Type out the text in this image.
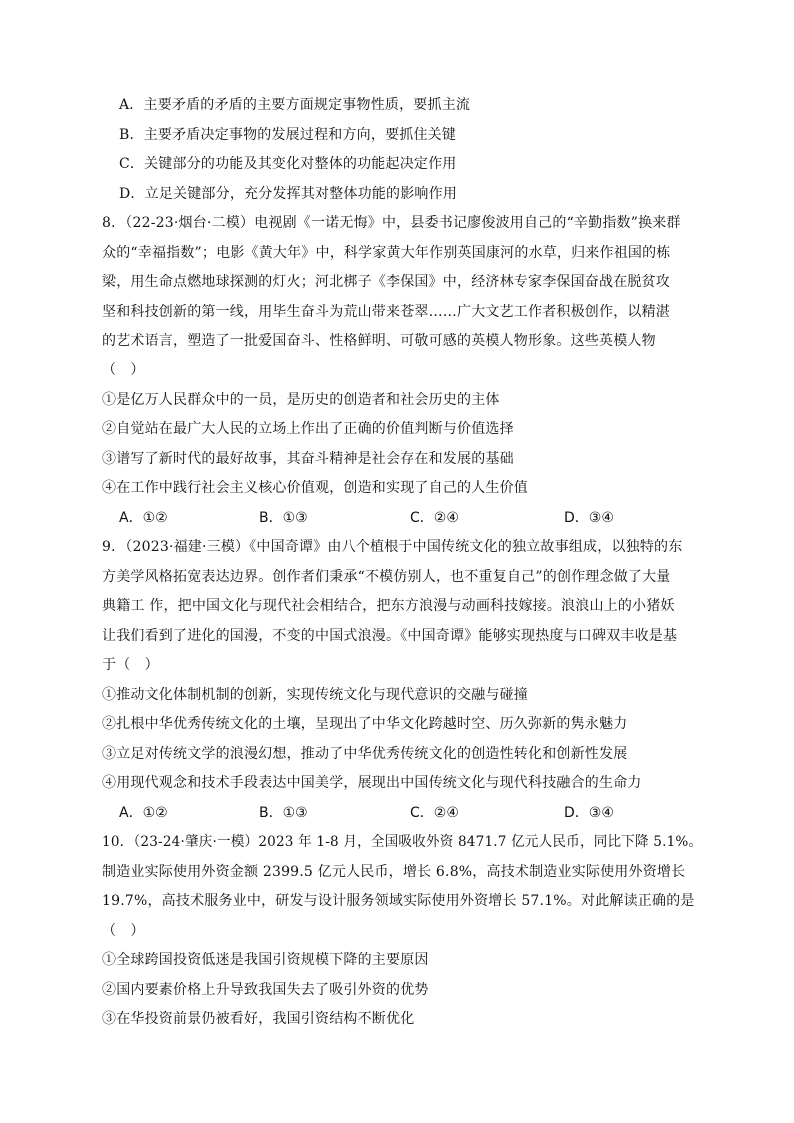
A．主要矛盾的矛盾的主要方面规定事物性质，要抓主流
B．主要矛盾决定事物的发展过程和方向，要抓住关键
C．关键部分的功能及其变化对整体的功能起决定作用
D．立足关键部分，充分发挥其对整体功能的影响作用
8．（22-23·烟台·二模）电视剧《一诺无悔》中，县委书记廖俊波用自己的“辛勤指数”换来群
众的“幸福指数”；电影《黄大年》中，科学家黄大年作别英国康河的水草，归来作祖国的栋
梁，用生命点燃地球探测的灯火；河北梆子《李保国》中，经济林专家李保国奋战在脱贫攻
坚和科技创新的第一线，用毕生奋斗为荒山带来苍翠……广大文艺工作者积极创作，以精湛
的艺术语言，塑造了一批爱国奋斗、性格鲜明、可敬可感的英模人物形象。这些英模人物
（　）
①是亿万人民群众中的一员，是历史的创造者和社会历史的主体
②自觉站在最广大人民的立场上作出了正确的价值判断与价值选择
③谱写了新时代的最好故事，其奋斗精神是社会存在和发展的基础
④在工作中践行社会主义核心价值观，创造和实现了自己的人生价值
A．①②	B．①③	C．②④	D．③④
9．（2023·福建·三模）《中国奇谭》由八个植根于中国传统文化的独立故事组成，以独特的东
方美学风格拓宽表达边界。创作者们秉承“不模仿别人，也不重复自己”的创作理念做了大量
典籍工 作，把中国文化与现代社会相结合，把东方浪漫与动画科技嫁接。浪浪山上的小猪妖
让我们看到了进化的国漫，不变的中国式浪漫。《中国奇谭》能够实现热度与口碑双丰收是基
于（　）
①推动文化体制机制的创新，实现传统文化与现代意识的交融与碰撞
②扎根中华优秀传统文化的土壤，呈现出了中华文化跨越时空、历久弥新的隽永魅力
③立足对传统文学的浪漫幻想，推动了中华优秀传统文化的创造性转化和创新性发展
④用现代观念和技术手段表达中国美学，展现出中国传统文化与现代科技融合的生命力
A．①②	B．①③	C．②④	D．③④
10．（23-24·肇庆·一模）2023 年 1-8 月，全国吸收外资 8471.7 亿元人民币，同比下降 5.1%。
制造业实际使用外资金额 2399.5 亿元人民币，增长 6.8%，高技术制造业实际使用外资增长
19.7%，高技术服务业中，研发与设计服务领域实际使用外资增长 57.1%。对此解读正确的是
（　）
①全球跨国投资低迷是我国引资规模下降的主要原因
②国内要素价格上升导致我国失去了吸引外资的优势
③在华投资前景仍被看好，我国引资结构不断优化
